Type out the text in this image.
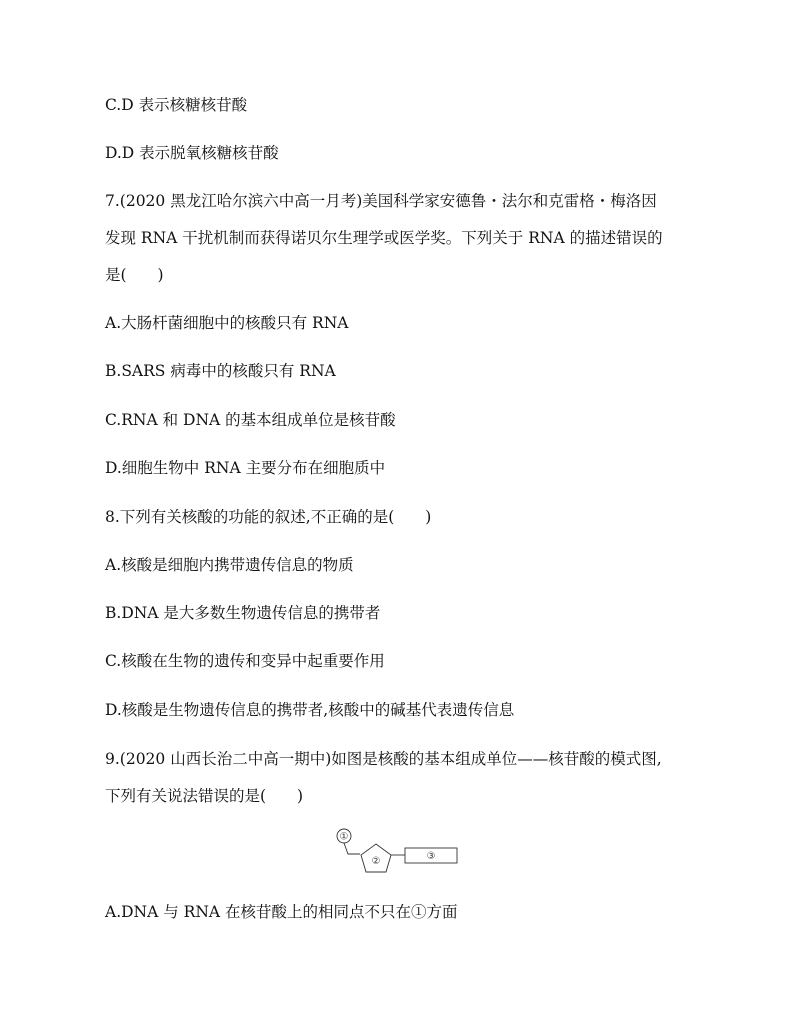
C.D 表示核糖核苷酸
D.D 表示脱氧核糖核苷酸
7.(2020 黑龙江哈尔滨六中高一月考)美国科学家安德鲁・法尔和克雷格・梅洛因
发现 RNA 干扰机制而获得诺贝尔生理学或医学奖。下列关于 RNA 的描述错误的
是(　　)
A.大肠杆菌细胞中的核酸只有 RNA
B.SARS 病毒中的核酸只有 RNA
C.RNA 和 DNA 的基本组成单位是核苷酸
D.细胞生物中 RNA 主要分布在细胞质中
8.下列有关核酸的功能的叙述,不正确的是(　　)
A.核酸是细胞内携带遗传信息的物质
B.DNA 是大多数生物遗传信息的携带者
C.核酸在生物的遗传和变异中起重要作用
D.核酸是生物遗传信息的携带者,核酸中的碱基代表遗传信息
9.(2020 山西长治二中高一期中)如图是核酸的基本组成单位——核苷酸的模式图,
下列有关说法错误的是(　　)
①
②	③
A.DNA 与 RNA 在核苷酸上的相同点不只在①方面
